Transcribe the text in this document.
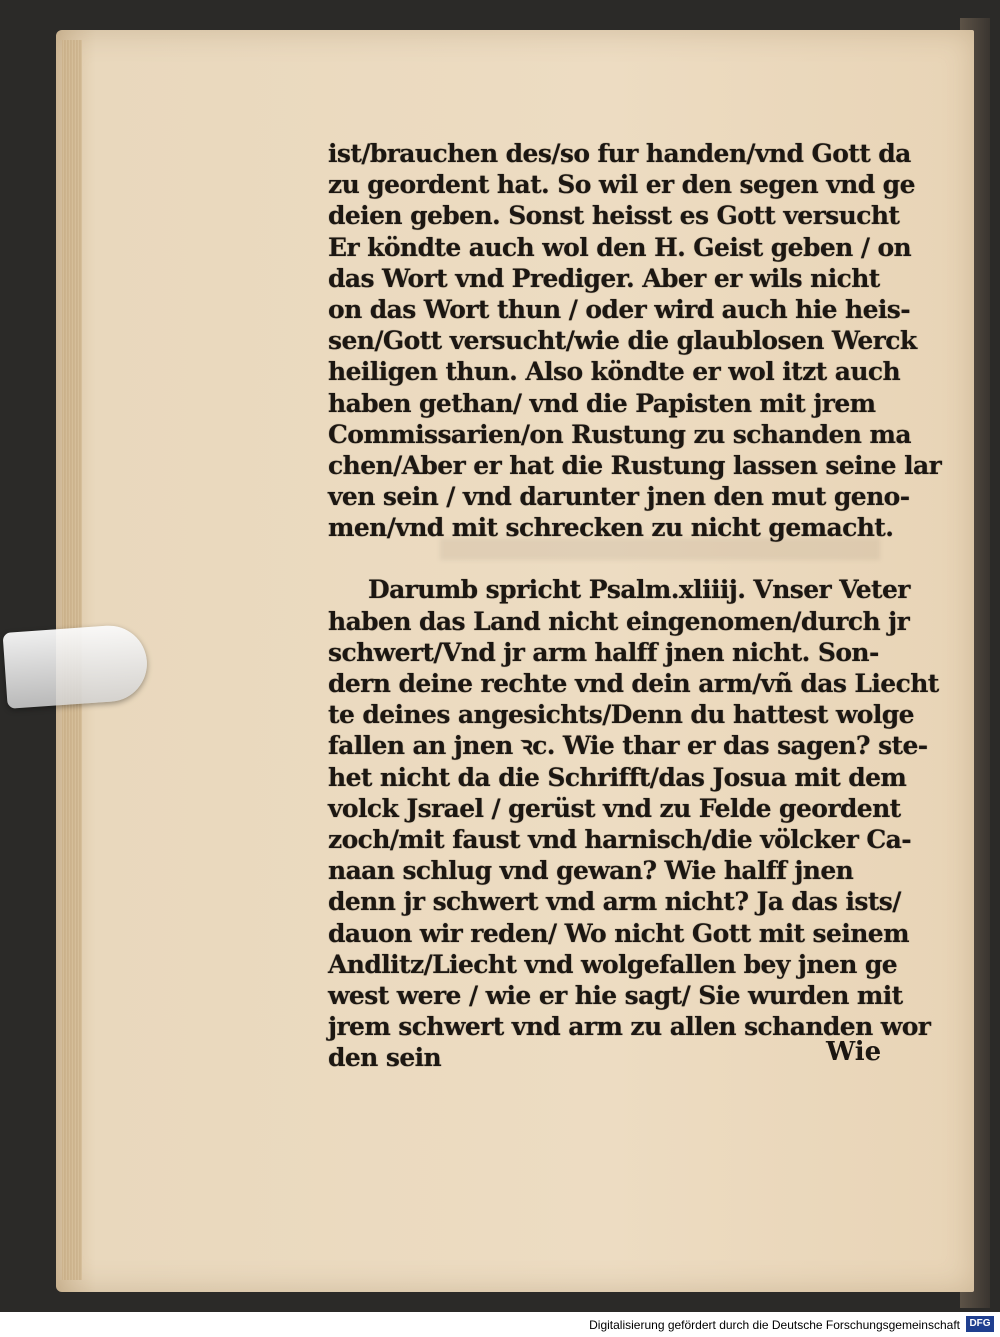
ist/brauchen des/so fur handen/vnd Gott da
zu geordent hat. So wil er den segen vnd ge
deien geben. Sonst heisst es Gott versucht
Er köndte auch wol den H. Geist geben / on
das Wort vnd Prediger. Aber er wils nicht
on das Wort thun / oder wird auch hie heis-
sen/Gott versucht/wie die glaublosen Werck
heiligen thun. Also köndte er wol itzt auch
haben gethan/ vnd die Papisten mit jrem
Commissarien/on Rustung zu schanden ma
chen/Aber er hat die Rustung lassen seine lar
ven sein / vnd darunter jnen den mut geno-
men/vnd mit schrecken zu nicht gemacht.
Darumb spricht Psalm.xliiij. Vnser Veter
haben das Land nicht eingenomen/durch jr
schwert/Vnd jr arm halff jnen nicht. Son-
dern deine rechte vnd dein arm/vñ das Liecht
te deines angesichts/Denn du hattest wolge
fallen an jnen ꝛc. Wie thar er das sagen? ste-
het nicht da die Schrifft/das Josua mit dem
volck Jsrael / gerüst vnd zu Felde geordent
zoch/mit faust vnd harnisch/die völcker Ca-
naan schlug vnd gewan? Wie halff jnen
denn jr schwert vnd arm nicht? Ja das ists/
dauon wir reden/ Wo nicht Gott mit seinem
Andlitz/Liecht vnd wolgefallen bey jnen ge
west were / wie er hie sagt/ Sie wurden mit
jrem schwert vnd arm zu allen schanden wor
den sein	Wie
Digitalisierung gefördert durch die Deutsche Forschungsgemeinschaft DFG
